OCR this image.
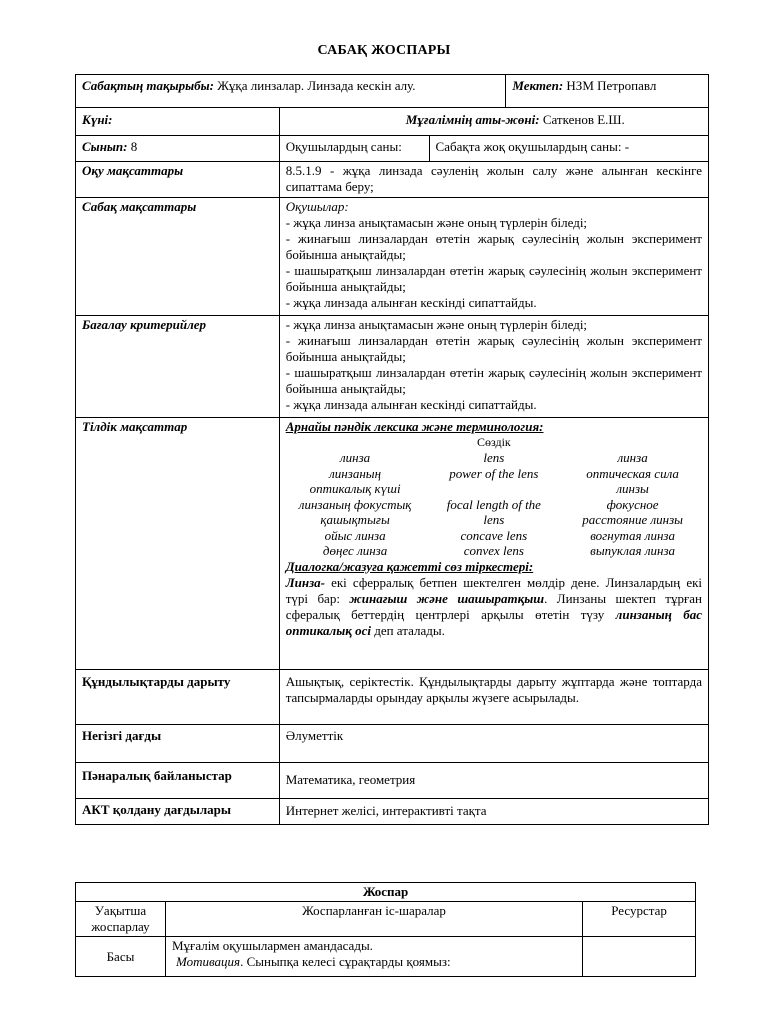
САБАҚ ЖОСПАРЫ
Сабақтың тақырыбы: Жұқа линзалар. Линзада кескін алу.	Мектеп: НЗМ Петропавл
Күні:	Мұғалімнің аты-жөні: Саткенов Е.Ш.
Сынып: 8	Оқушылардың саны:	Сабақта жоқ оқушылардың саны: -
Оқу мақсаттары	8.5.1.9 - жұқа линзада сәуленің жолын салу және алынған кескінге сипаттама беру;
Сабақ мақсаттары	Оқушылар:
- жұқа линза анықтамасын және оның түрлерін біледі;
- жинағыш линзалардан өтетін жарық сәулесінің жолын эксперимент бойынша анықтайды;
- шашыратқыш линзалардан өтетін жарық сәулесінің жолын эксперимент бойынша анықтайды;
- жұқа линзада алынған кескінді сипаттайды.

Бағалау критерийлер	- жұқа линза анықтамасын және оның түрлерін біледі;
- жинағыш линзалардан өтетін жарық сәулесінің жолын эксперимент бойынша анықтайды;
- шашыратқыш линзалардан өтетін жарық сәулесінің жолын эксперимент бойынша анықтайды;
- жұқа линзада алынған кескінді сипаттайды.

Тілдік мақсаттар	Арнайы пәндік лексика және терминология:
Сөздік
линза	lens	линза
линзаның	power of the lens	оптическая сила
оптикалық күші		линзы
линзаның фокустық	focal length of the	фокусное
қашықтығы	lens	расстояние линзы
ойыс линза	concave lens	вогнутая линза
дөңес линза	convex lens	выпуклая линза
Диалогка/жазуға қажетті сөз тіркестері:
Линза- екі сферралық бетпен шектелген мөлдір дене. Линзалардың екі түрі бар: жинағыш және шашыратқыш. Линзаны шектеп тұрған сфералық беттердің центрлері арқылы өтетін түзу линзаның бас оптикалық осі деп аталады.

Құндылықтарды дарыту	Ашықтық, серіктестік. Құндылықтарды дарыту жұптарда және топтарда тапсырмаларды орындау арқылы жүзеге асырылады.
Негізгі дағды	Әлуметтік
Пәнаралық байланыстар	Математика, геометрия
АКТ қолдану дағдылары	Интернет желісі, интерактивті тақта
Жоспар		
Уақытша жоспарлау	Жоспарланған іс-шаралар	Ресурстар
Басы	Мұғалім оқушылармен амандасады.
Мотивация. Сыныпқа келесі сұрақтарды қоямыз:	
